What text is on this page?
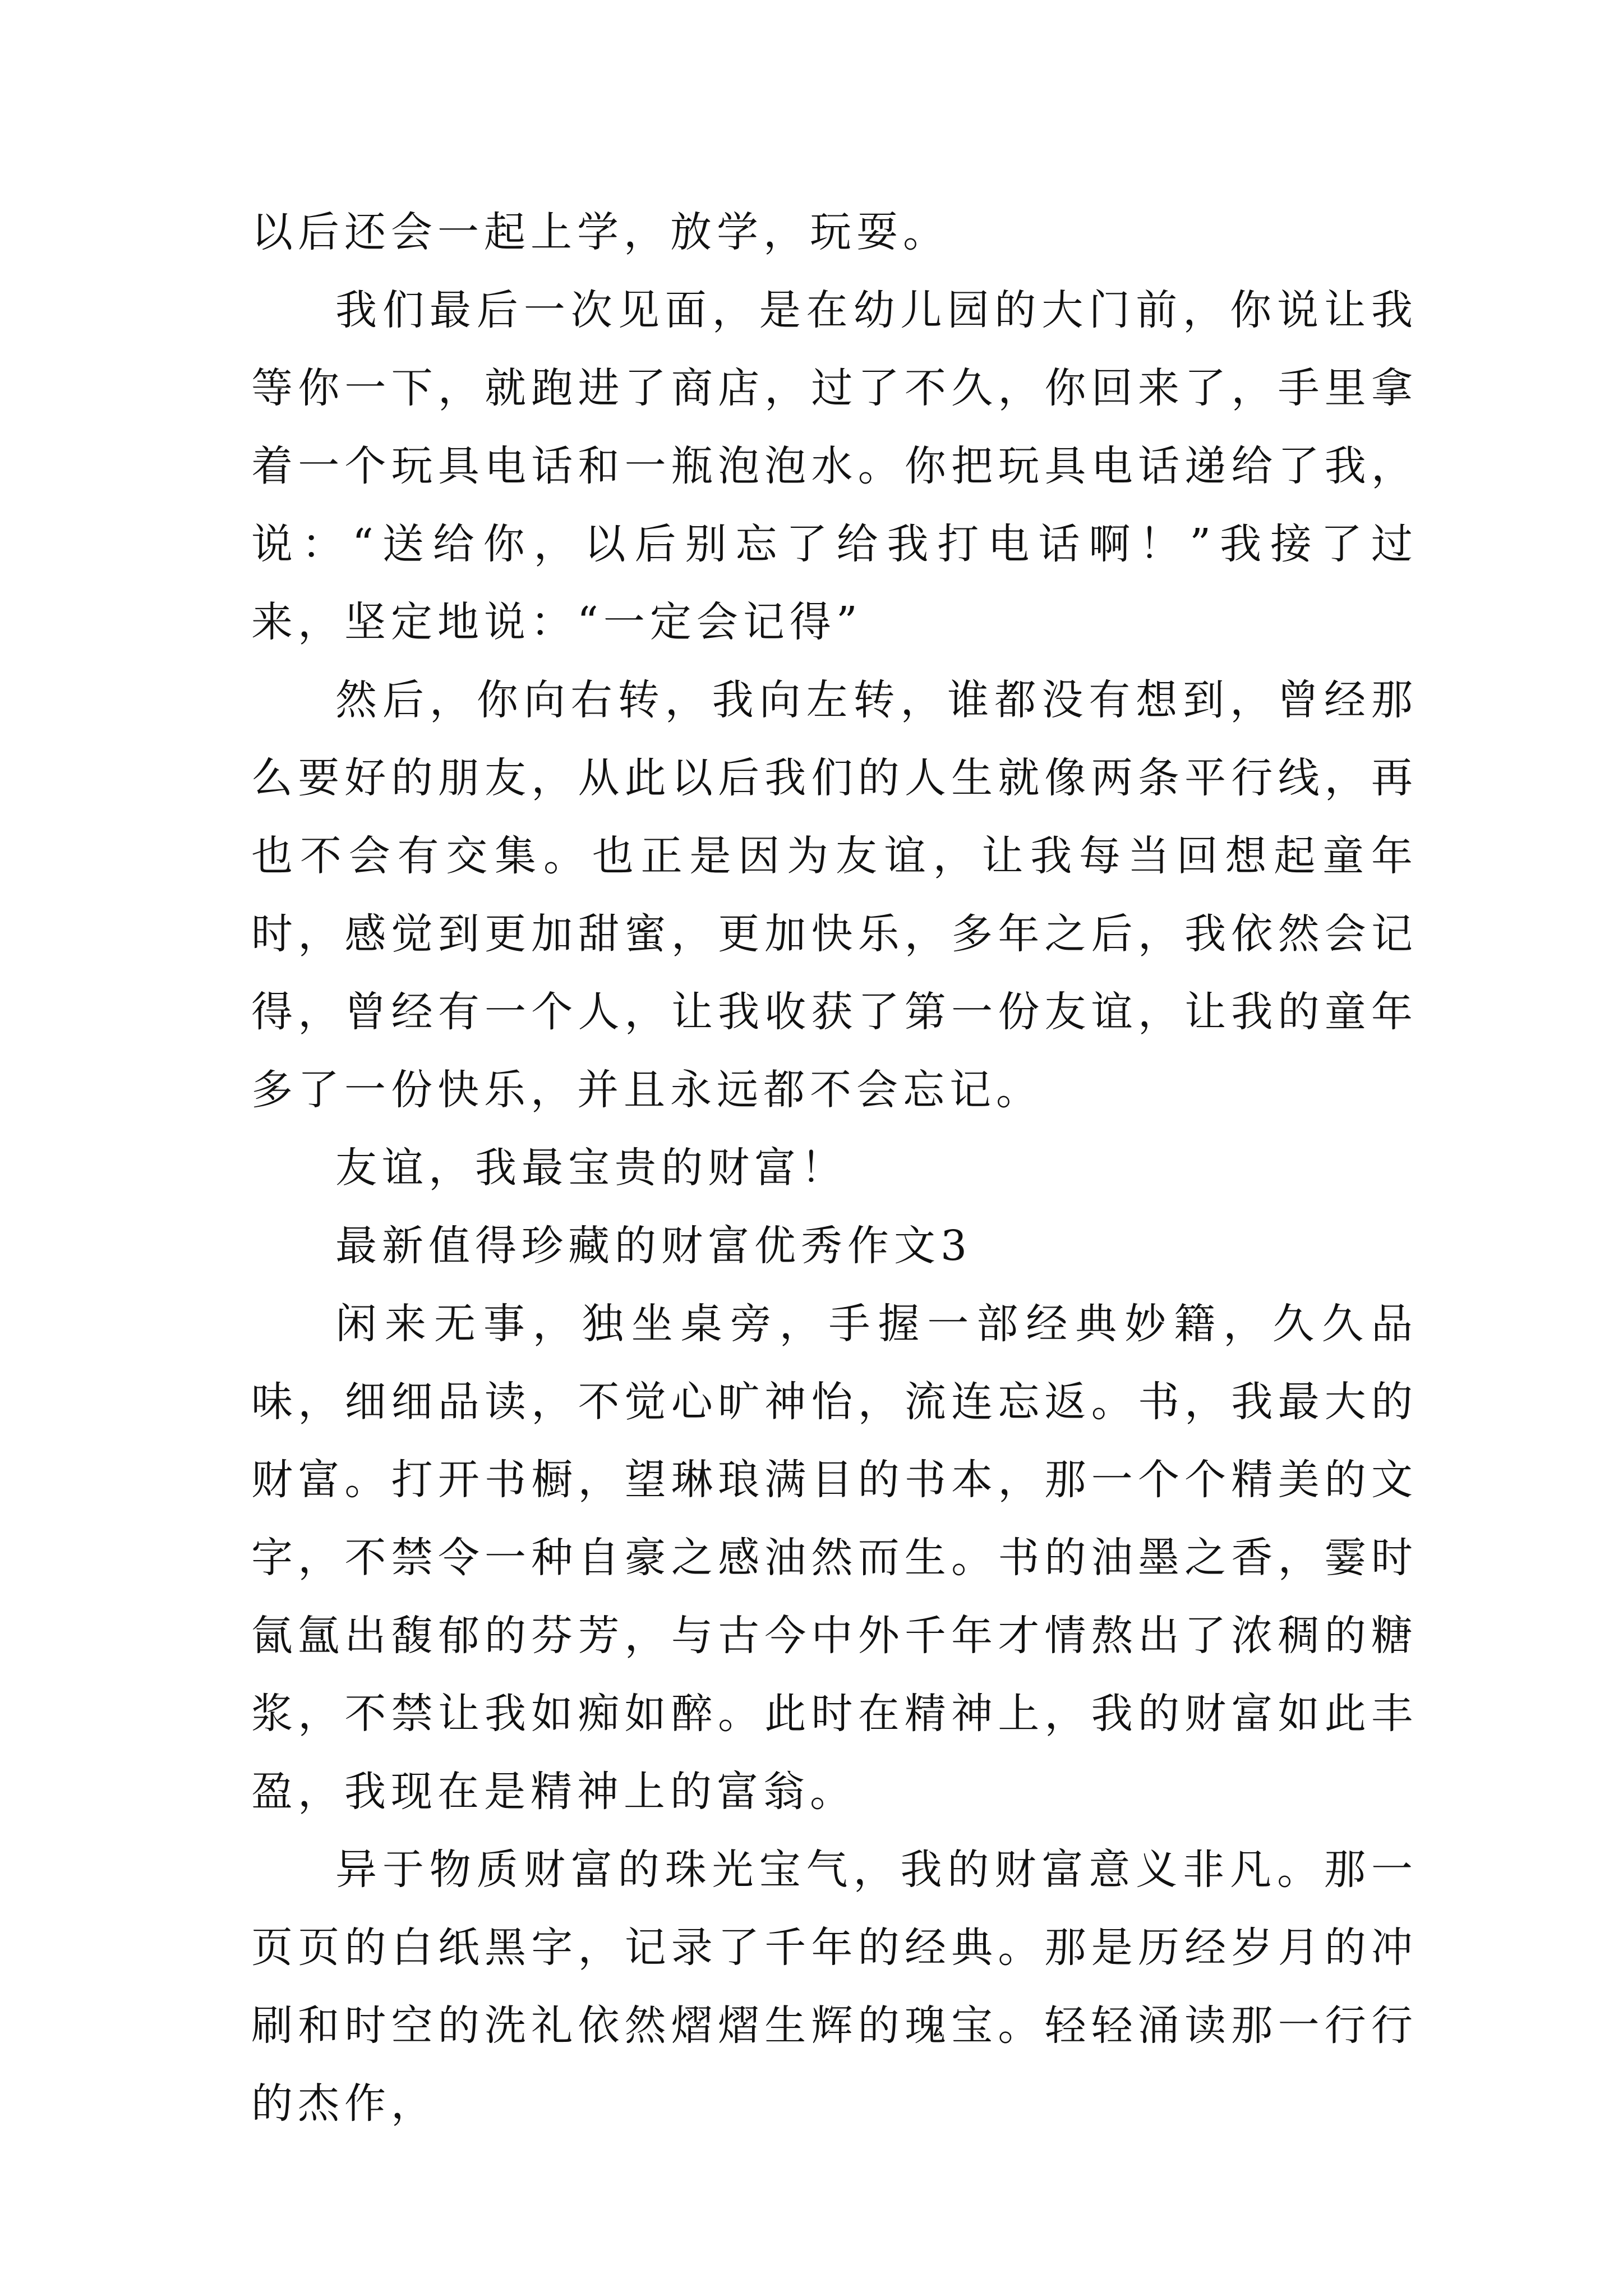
以后还会一起上学，放学，玩耍。

我们最后一次见面，是在幼儿园的大门前，你说让我等你一下，就跑进了商店，过了不久，你回来了，手里拿着一个玩具电话和一瓶泡泡水。你把玩具电话递给了我，说：“送给你，以后别忘了给我打电话啊！”我接了过来，坚定地说：“一定会记得”

然后，你向右转，我向左转，谁都没有想到，曾经那么要好的朋友，从此以后我们的人生就像两条平行线，再也不会有交集。也正是因为友谊，让我每当回想起童年时，感觉到更加甜蜜，更加快乐，多年之后，我依然会记得，曾经有一个人，让我收获了第一份友谊，让我的童年多了一份快乐，并且永远都不会忘记。

友谊，我最宝贵的财富！

最新值得珍藏的财富优秀作文3

闲来无事，独坐桌旁，手握一部经典妙籍，久久品味，细细品读，不觉心旷神怡，流连忘返。书，我最大的财富。打开书橱，望琳琅满目的书本，那一个个精美的文字，不禁令一种自豪之感油然而生。书的油墨之香，霎时氤氲出馥郁的芬芳，与古今中外千年才情熬出了浓稠的糖浆，不禁让我如痴如醉。此时在精神上，我的财富如此丰盈，我现在是精神上的富翁。

异于物质财富的珠光宝气，我的财富意义非凡。那一页页的白纸黑字，记录了千年的经典。那是历经岁月的冲刷和时空的洗礼依然熠熠生辉的瑰宝。轻轻涌读那一行行的杰作，
